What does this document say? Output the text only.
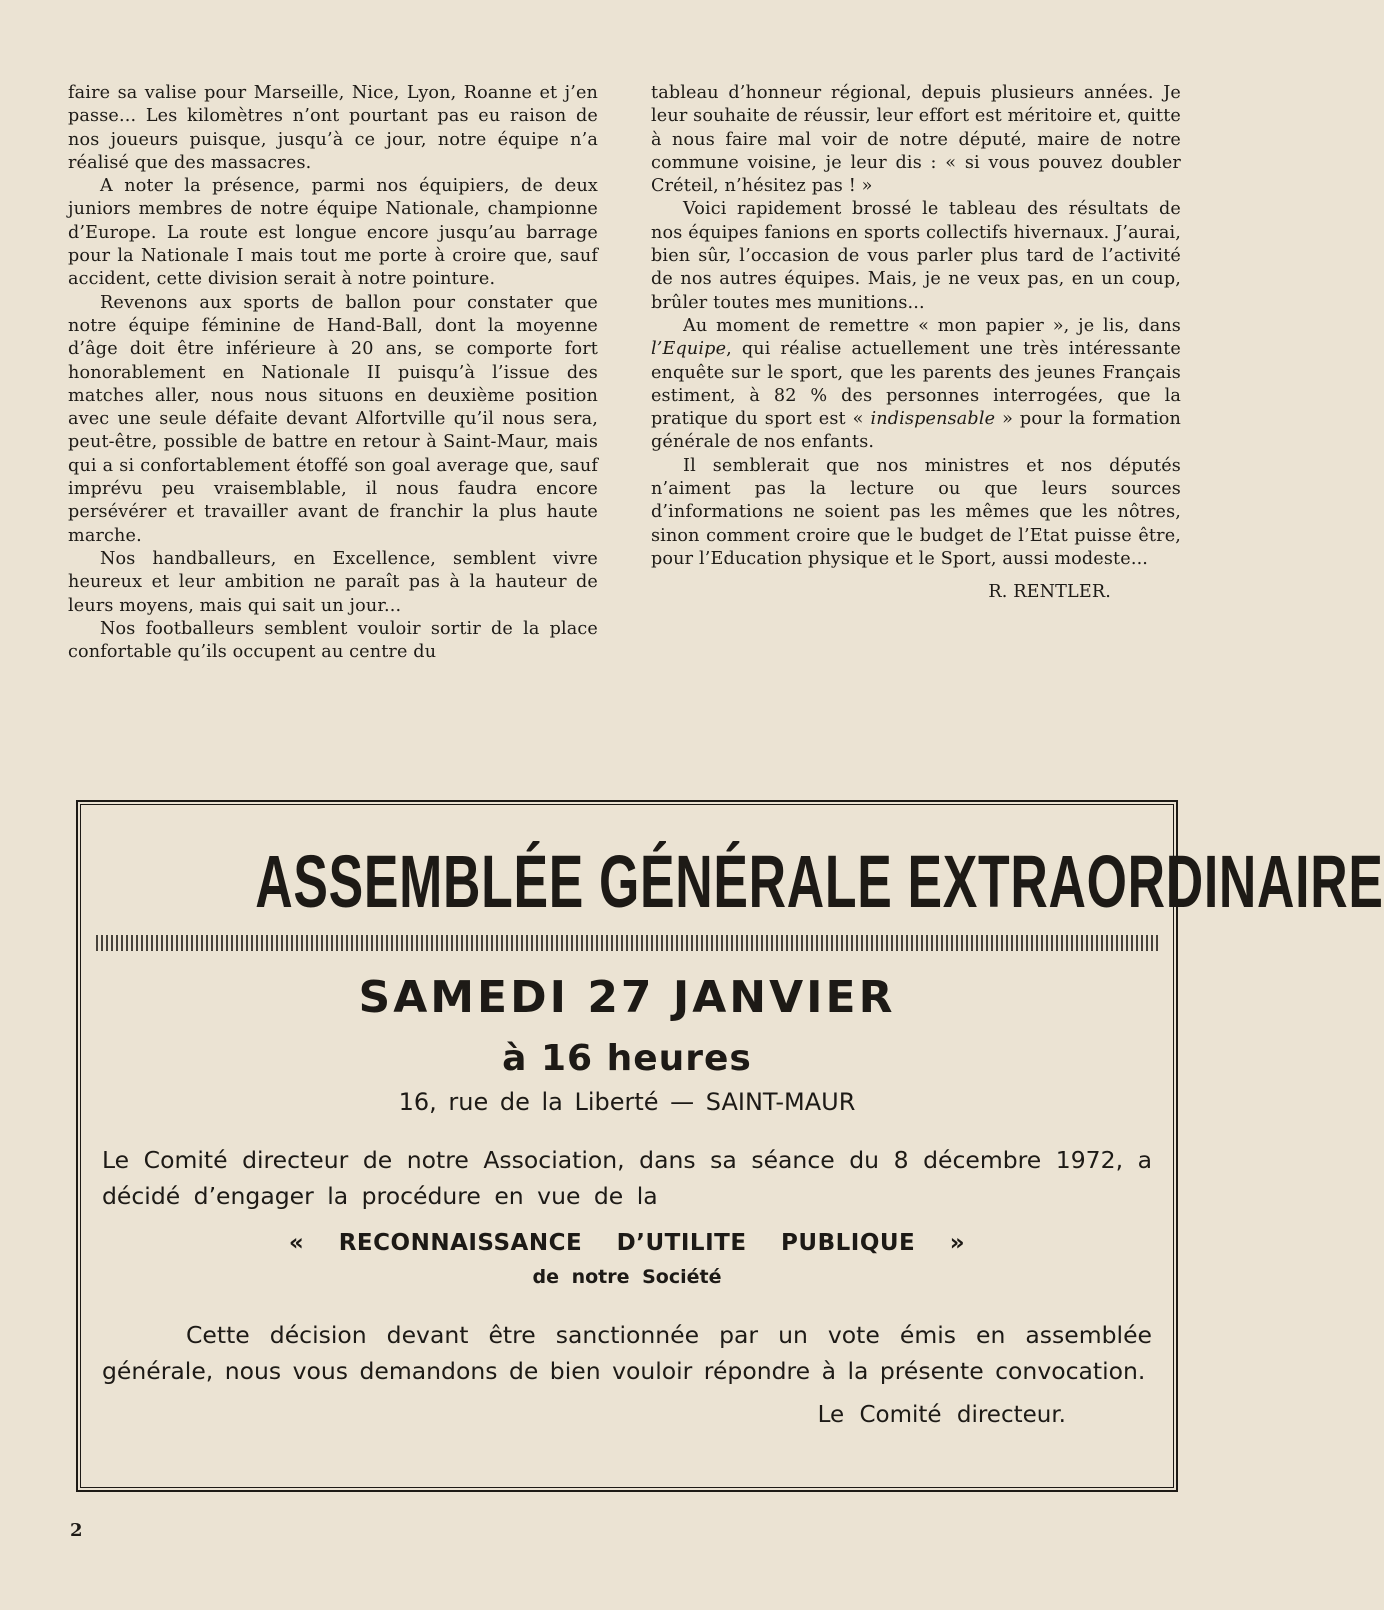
faire sa valise pour Marseille, Nice, Lyon, Roanne et j’en passe... Les kilomètres n’ont pourtant pas eu raison de nos joueurs puisque, jusqu’à ce jour, notre équipe n’a réalisé que des massacres.

A noter la présence, parmi nos équipiers, de deux juniors membres de notre équipe Nationale, championne d’Europe. La route est longue encore jusqu’au barrage pour la Nationale I mais tout me porte à croire que, sauf accident, cette division serait à notre pointure.

Revenons aux sports de ballon pour constater que notre équipe féminine de Hand-Ball, dont la moyenne d’âge doit être inférieure à 20 ans, se comporte fort honorablement en Nationale II puisqu’à l’issue des matches aller, nous nous situons en deuxième position avec une seule défaite devant Alfortville qu’il nous sera, peut-être, possible de battre en retour à Saint-Maur, mais qui a si confortablement étoffé son goal average que, sauf imprévu peu vraisemblable, il nous faudra encore persévérer et travailler avant de franchir la plus haute marche.

Nos handballeurs, en Excellence, semblent vivre heureux et leur ambition ne paraît pas à la hauteur de leurs moyens, mais qui sait un jour...

Nos footballeurs semblent vouloir sortir de la place confortable qu’ils occupent au centre du

tableau d’honneur régional, depuis plusieurs années. Je leur souhaite de réussir, leur effort est méritoire et, quitte à nous faire mal voir de notre député, maire de notre commune voisine, je leur dis : « si vous pouvez doubler Créteil, n’hésitez pas ! »

Voici rapidement brossé le tableau des résultats de nos équipes fanions en sports collectifs hivernaux. J’aurai, bien sûr, l’occasion de vous parler plus tard de l’activité de nos autres équipes. Mais, je ne veux pas, en un coup, brûler toutes mes munitions...

Au moment de remettre « mon papier », je lis, dans l’Equipe, qui réalise actuellement une très intéressante enquête sur le sport, que les parents des jeunes Français estiment, à 82 % des personnes interrogées, que la pratique du sport est « indispensable » pour la formation générale de nos enfants.

Il semblerait que nos ministres et nos députés n’aiment pas la lecture ou que leurs sources d’informations ne soient pas les mêmes que les nôtres, sinon comment croire que le budget de l’Etat puisse être, pour l’Education physique et le Sport, aussi modeste...

R. RENTLER.

ASSEMBLÉE GÉNÉRALE EXTRAORDINAIRE
SAMEDI 27 JANVIER
à 16 heures
16, rue de la Liberté — SAINT-MAUR
Le Comité directeur de notre Association, dans sa séance du 8 décembre 1972, a décidé d’engager la procédure en vue de la
« RECONNAISSANCE D’UTILITE PUBLIQUE »
de notre Société
Cette décision devant être sanctionnée par un vote émis en assemblée générale, nous vous demandons de bien vouloir répondre à la présente convocation.
Le Comité directeur.
2
